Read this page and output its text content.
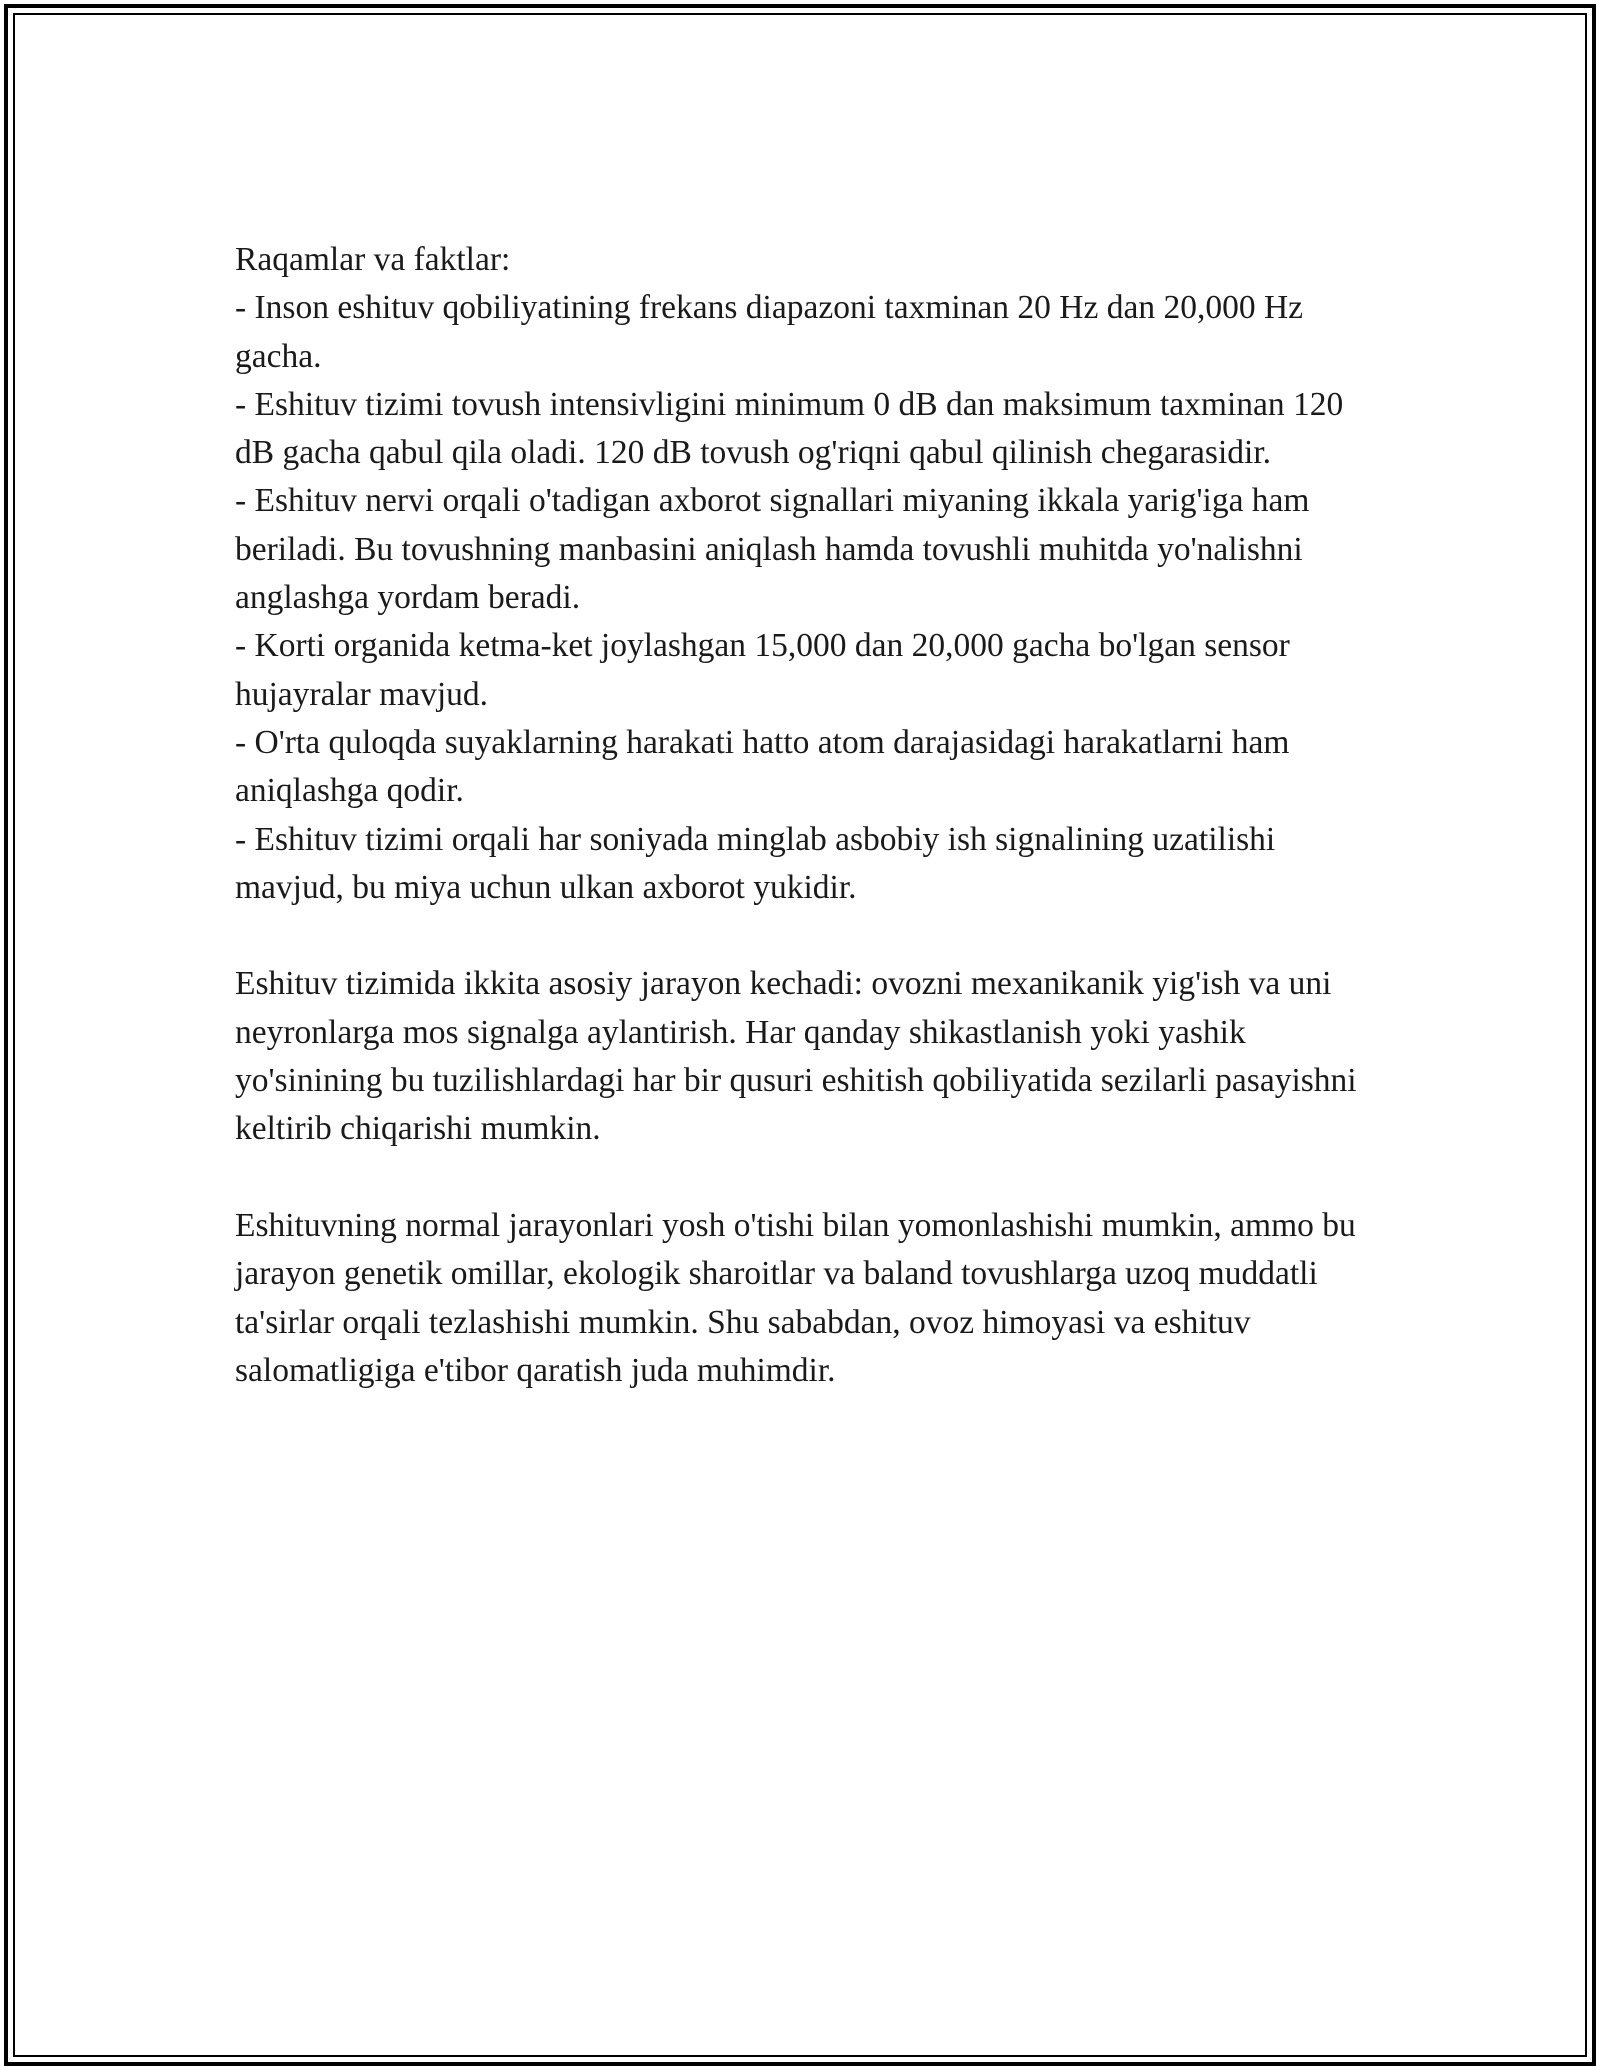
Raqamlar va faktlar:

- Inson eshituv qobiliyatining frekans diapazoni taxminan 20 Hz dan 20,000 Hz gacha.

- Eshituv tizimi tovush intensivligini minimum 0 dB dan maksimum taxminan 120 dB gacha qabul qila oladi. 120 dB tovush og'riqni qabul qilinish chegarasidir.

- Eshituv nervi orqali o'tadigan axborot signallari miyaning ikkala yarig'iga ham beriladi. Bu tovushning manbasini aniqlash hamda tovushli muhitda yo'nalishni anglashga yordam beradi.

- Korti organida ketma-ket joylashgan 15,000 dan 20,000 gacha bo'lgan sensor hujayralar mavjud.

- O'rta quloqda suyaklarning harakati hatto atom darajasidagi harakatlarni ham aniqlashga qodir.

- Eshituv tizimi orqali har soniyada minglab asbobiy ish signalining uzatilishi mavjud, bu miya uchun ulkan axborot yukidir.

Eshituv tizimida ikkita asosiy jarayon kechadi: ovozni mexanikanik yig'ish va uni neyronlarga mos signalga aylantirish. Har qanday shikastlanish yoki yashik yo'sinining bu tuzilishlardagi har bir qusuri eshitish qobiliyatida sezilarli pasayishni keltirib chiqarishi mumkin.

Eshituvning normal jarayonlari yosh o'tishi bilan yomonlashishi mumkin, ammo bu jarayon genetik omillar, ekologik sharoitlar va baland tovushlarga uzoq muddatli ta'sirlar orqali tezlashishi mumkin. Shu sababdan, ovoz himoyasi va eshituv salomatligiga e'tibor qaratish juda muhimdir.
